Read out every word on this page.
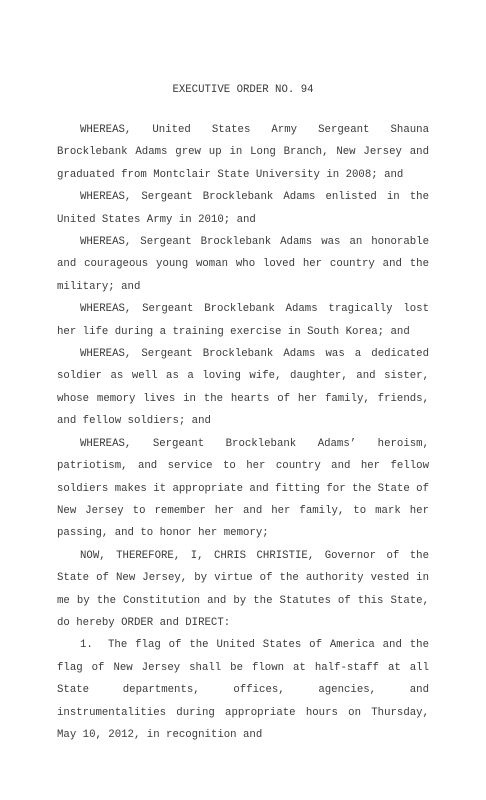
EXECUTIVE ORDER NO. 94

WHEREAS, United States Army Sergeant Shauna Brocklebank Adams grew up in Long Branch, New Jersey and graduated from Montclair State University in 2008; and

WHEREAS, Sergeant Brocklebank Adams enlisted in the United States Army in 2010; and

WHEREAS, Sergeant Brocklebank Adams was an honorable and courageous young woman who loved her country and the military; and

WHEREAS, Sergeant Brocklebank Adams tragically lost her life during a training exercise in South Korea; and

WHEREAS, Sergeant Brocklebank Adams was a dedicated soldier as well as a loving wife, daughter, and sister, whose memory lives in the hearts of her family, friends, and fellow soldiers; and

WHEREAS, Sergeant Brocklebank Adams’ heroism, patriotism, and service to her country and her fellow soldiers makes it appropriate and fitting for the State of New Jersey to remember her and her family, to mark her passing, and to honor her memory;

NOW, THEREFORE, I, CHRIS CHRISTIE, Governor of the State of New Jersey, by virtue of the authority vested in me by the Constitution and by the Statutes of this State, do hereby ORDER and DIRECT:

1. The flag of the United States of America and the flag of New Jersey shall be flown at half-staff at all State departments, offices, agencies, and instrumentalities during appropriate hours on Thursday, May 10, 2012, in recognition and
